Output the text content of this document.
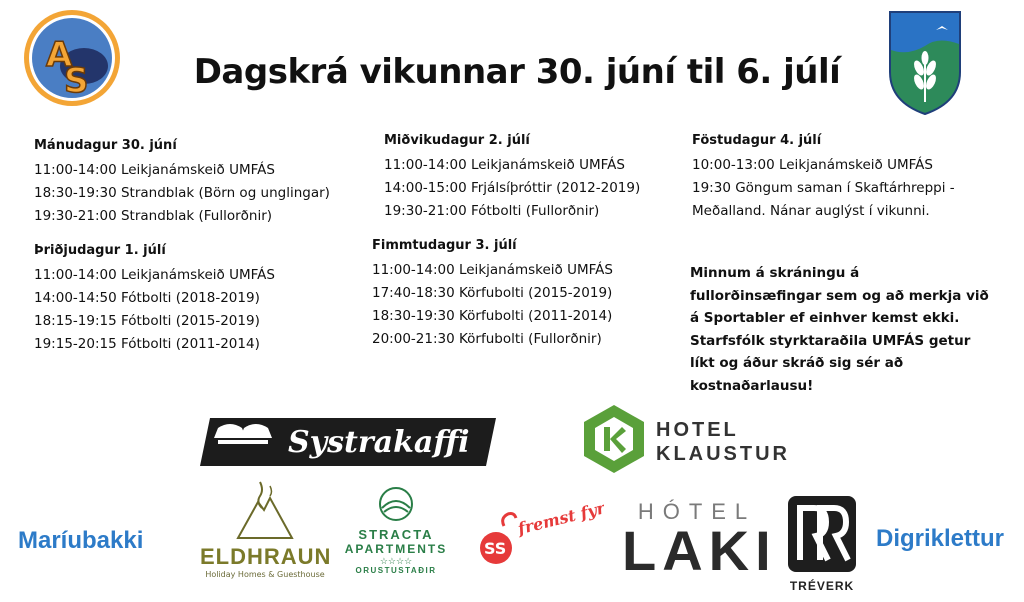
A
S	Dagskrá vikunnar 30. júní til 6. júlí
Mánudagur 30. júní
11:00-14:00 Leikjanámskeið UMFÁS
18:30-19:30 Strandblak (Börn og unglingar)
19:30-21:00 Strandblak (Fullorðnir)
Þriðjudagur 1. júlí
11:00-14:00 Leikjanámskeið UMFÁS
14:00-14:50 Fótbolti (2018-2019)
18:15-19:15 Fótbolti (2015-2019)
19:15-20:15 Fótbolti (2011-2014)
Miðvikudagur 2. júlí
11:00-14:00 Leikjanámskeið UMFÁS
14:00-15:00 Frjálsíþróttir (2012-2019)
19:30-21:00 Fótbolti (Fullorðnir)
Fimmtudagur 3. júlí
11:00-14:00 Leikjanámskeið UMFÁS
17:40-18:30 Körfubolti (2015-2019)
18:30-19:30 Körfubolti (2011-2014)
20:00-21:30 Körfubolti (Fullorðnir)
Föstudagur 4. júlí
10:00-13:00 Leikjanámskeið UMFÁS
19:30 Göngum saman í Skaftárhreppi -
Meðalland. Nánar auglýst í vikunni.
Minnum á skráningu á fullorðinsæfingar sem og að merkja við á Sportabler ef einhver kemst ekki. Starfsfólk styrktaraðila UMFÁS getur líkt og áður skráð sig sér að kostnaðarlausu!
Systrakaffi	HOTEL
KLAUSTUR
Maríubakki
ELDHRAUN
Holiday Homes & Guesthouse
STRACTA
APARTMENTS
☆☆☆☆
ORUSTUSTAÐIR
SS
fremst fyrir HÓTEL
LAKI
TRÉVERK
Digriklettur
